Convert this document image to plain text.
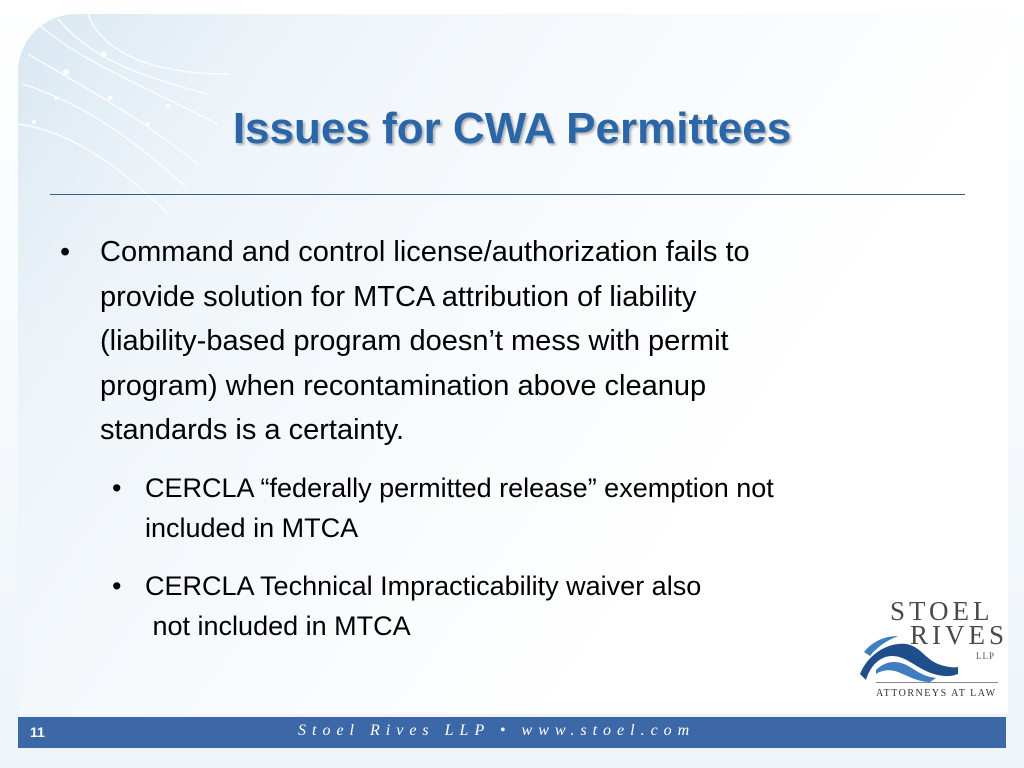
Issues for CWA Permittees
• Command and control license/authorization fails to
provide solution for MTCA attribution of liability
(liability-based program doesn’t mess with permit
program) when recontamination above cleanup
standards is a certainty.
• CERCLA “federally permitted release” exemption not
included in MTCA
• CERCLA Technical Impracticability waiver also
not included in MTCA	STOEL
RIVES
LLP
ATTORNEYS AT LAW
11	Stoel Rives LLP • www.stoel.com
